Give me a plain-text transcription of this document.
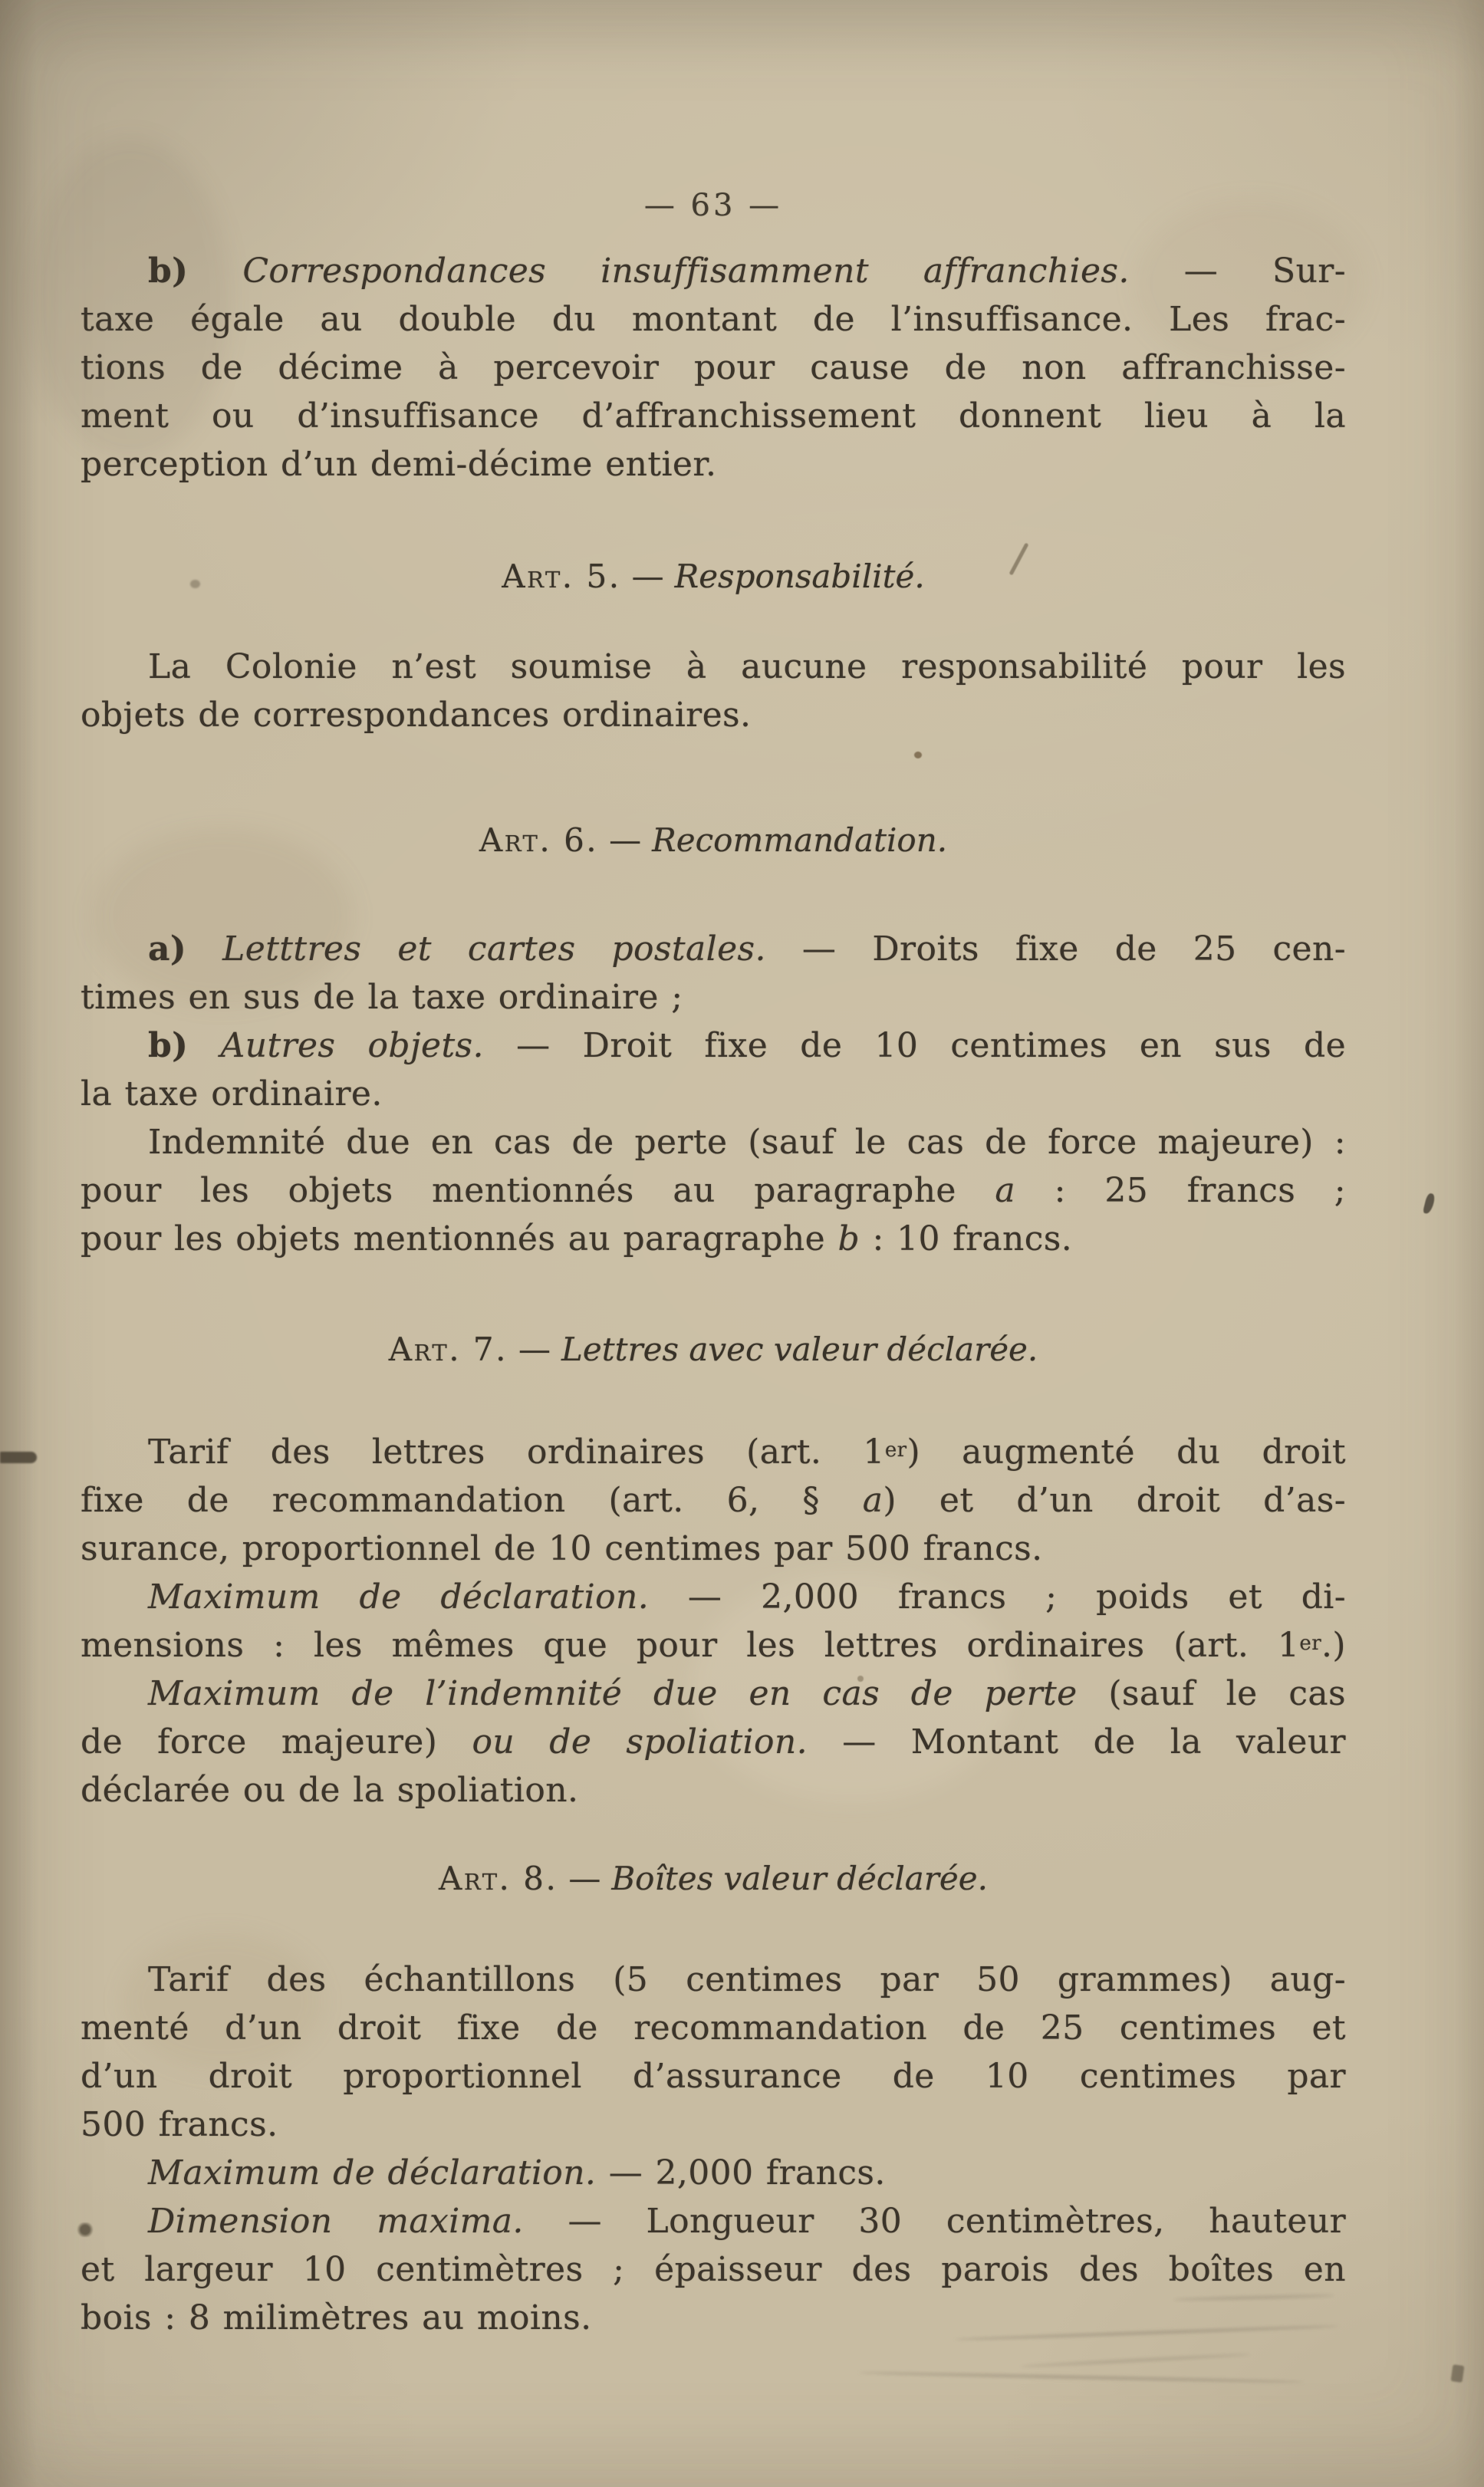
— 63 —
b) Correspondances insuffisamment affranchies. — Sur-
taxe égale au double du montant de l’insuffisance. Les frac-
tions de décime à percevoir pour cause de non affranchisse-
ment ou d’insuffisance d’affranchissement donnent lieu à la
perception d’un demi-décime entier.
Art. 5. — Responsabilité.
La Colonie n’est soumise à aucune responsabilité pour les
objets de correspondances ordinaires.
Art. 6. — Recommandation.
a) Letttres et cartes postales. — Droits fixe de 25 cen-
times en sus de la taxe ordinaire ;
b) Autres objets. — Droit fixe de 10 centimes en sus de
la taxe ordinaire.
Indemnité due en cas de perte (sauf le cas de force majeure) :
pour les objets mentionnés au paragraphe a : 25 francs ;
pour les objets mentionnés au paragraphe b : 10 francs.
Art. 7. — Lettres avec valeur déclarée.
Tarif des lettres ordinaires (art. 1er) augmenté du droit
fixe de recommandation (art. 6, § a) et d’un droit d’as-
surance, proportionnel de 10 centimes par 500 francs.
Maximum de déclaration. — 2,000 francs ; poids et di-
mensions : les mêmes que pour les lettres ordinaires (art. 1er.)
Maximum de l’indemnité due en cas de perte (sauf le cas
de force majeure) ou de spoliation. — Montant de la valeur
déclarée ou de la spoliation.
Art. 8. — Boîtes valeur déclarée.
Tarif des échantillons (5 centimes par 50 grammes) aug-
menté d’un droit fixe de recommandation de 25 centimes et
d’un droit proportionnel d’assurance de 10 centimes par
500 francs.
Maximum de déclaration. — 2,000 francs.
Dimension maxima. — Longueur 30 centimètres, hauteur
et largeur 10 centimètres ; épaisseur des parois des boîtes en
bois : 8 milimètres au moins.
